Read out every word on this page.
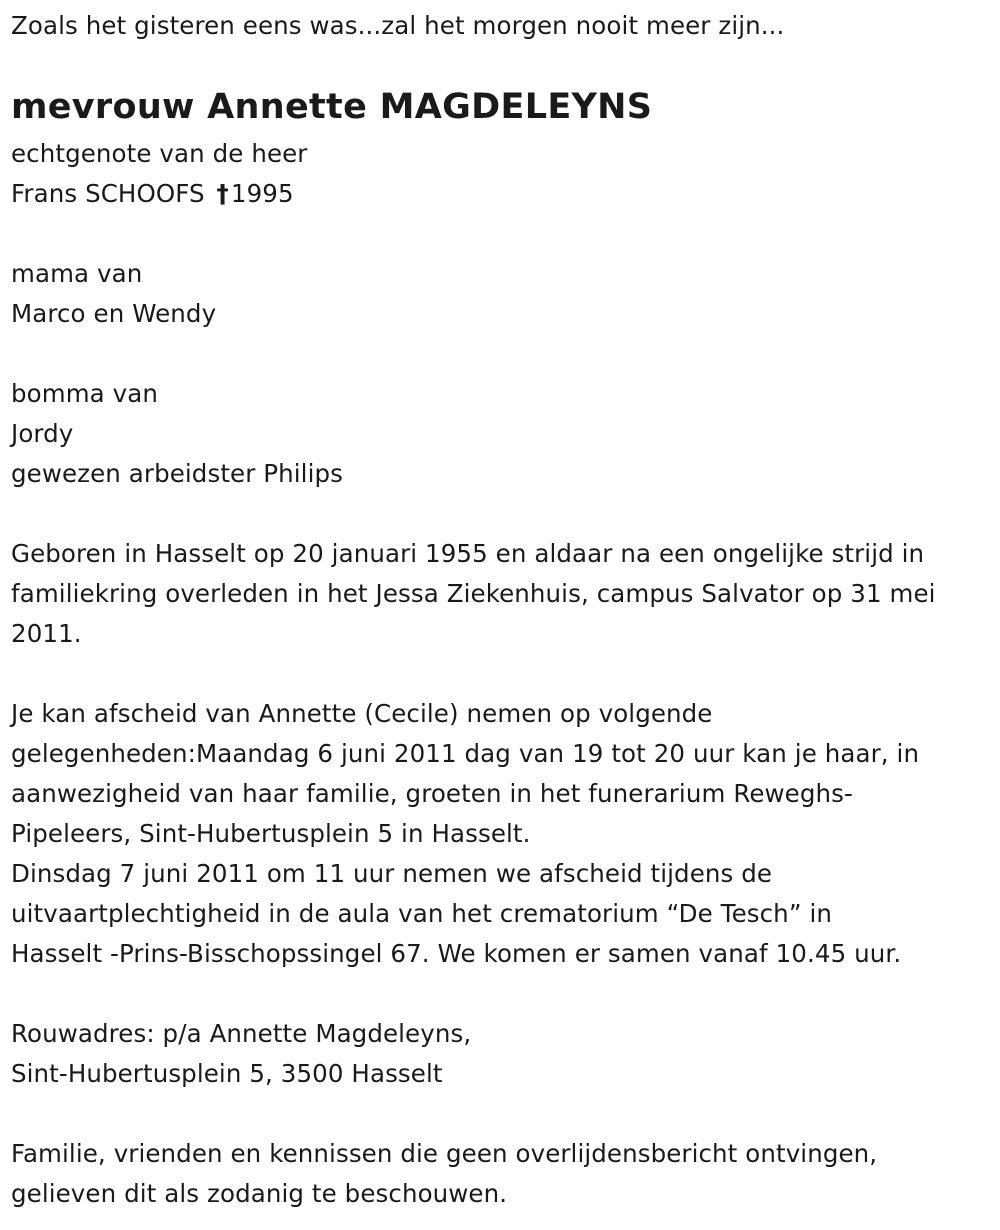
Zoals het gisteren eens was...zal het morgen nooit meer zijn...
mevrouw Annette MAGDELEYNS
echtgenote van de heer
Frans SCHOOFS †1995
mama van
Marco en Wendy
bomma van
Jordy
gewezen arbeidster Philips
Geboren in Hasselt op 20 januari 1955 en aldaar na een ongelijke strijd in
familiekring overleden in het Jessa Ziekenhuis, campus Salvator op 31 mei
2011.
Je kan afscheid van Annette (Cecile) nemen op volgende
gelegenheden:Maandag 6 juni 2011 dag van 19 tot 20 uur kan je haar, in
aanwezigheid van haar familie, groeten in het funerarium Reweghs-
Pipeleers, Sint-Hubertusplein 5 in Hasselt.
Dinsdag 7 juni 2011 om 11 uur nemen we afscheid tijdens de
uitvaartplechtigheid in de aula van het crematorium “De Tesch” in
Hasselt -Prins-Bisschopssingel 67. We komen er samen vanaf 10.45 uur.
Rouwadres: p/a Annette Magdeleyns,
Sint-Hubertusplein 5, 3500 Hasselt
Familie, vrienden en kennissen die geen overlijdensbericht ontvingen,
gelieven dit als zodanig te beschouwen.
